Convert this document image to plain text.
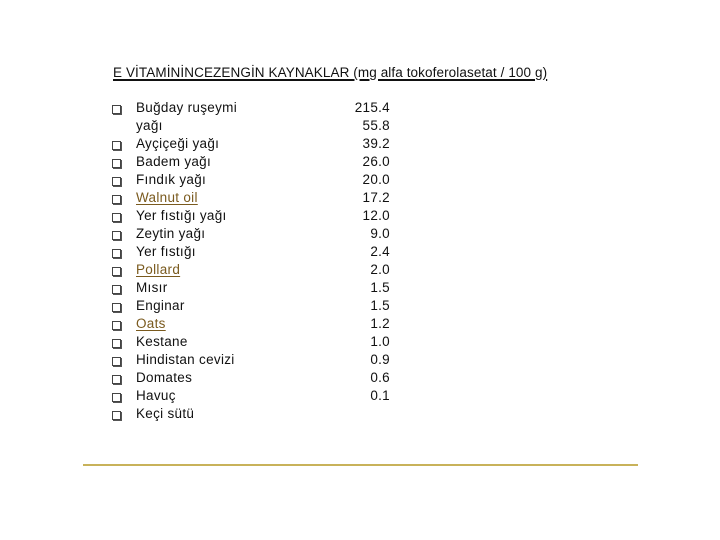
E VİTAMİNİNCEZENGİN KAYNAKLAR (mg alfa tokoferolasetat / 100 g)
Buğday ruşeymi	215.4
yağı	55.8
Ayçiçeği yağı	39.2
Badem yağı	26.0
Fındık yağı	20.0
Walnut oil	17.2
Yer fıstığı yağı	12.0
Zeytin yağı	9.0
Yer fıstığı	2.4
Pollard	2.0
Mısır	1.5
Enginar	1.5
Oats	1.2
Kestane	1.0
Hindistan cevizi	0.9
Domates	0.6
Havuç	0.1
Keçi sütü
